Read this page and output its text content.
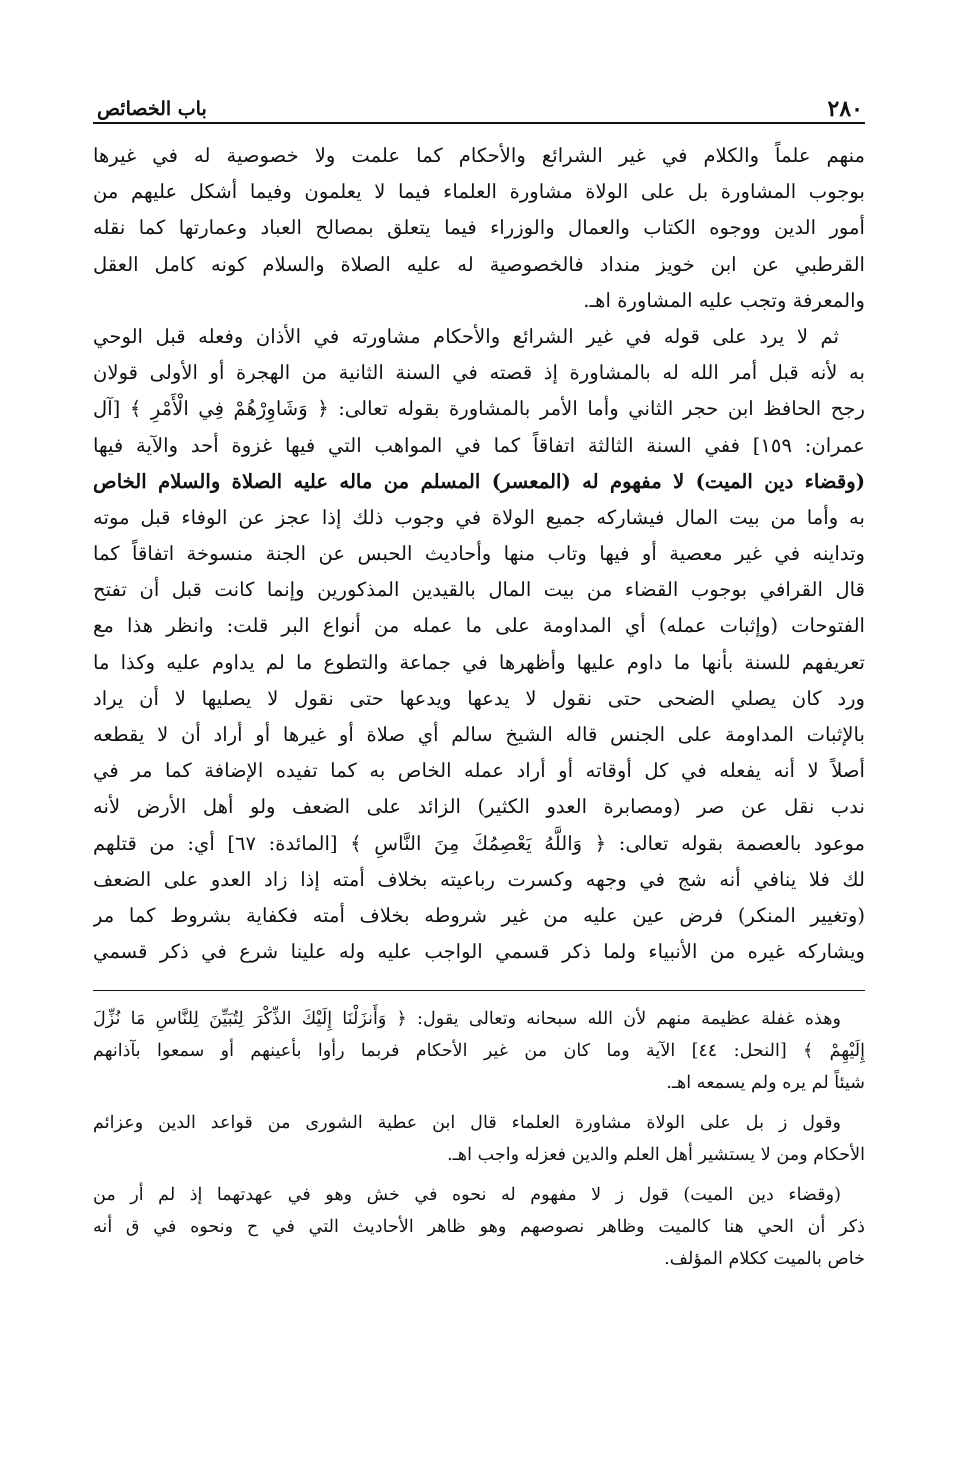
٢٨٠
باب الخصائص
منهم علماً والكلام في غير الشرائع والأحكام كما علمت ولا خصوصية له في غيرها
بوجوب المشاورة بل على الولاة مشاورة العلماء فيما لا يعلمون وفيما أشكل عليهم من
أمور الدين ووجوه الكتاب والعمال والوزراء فيما يتعلق بمصالح العباد وعمارتها كما نقله
القرطبي عن ابن خويز منداد فالخصوصية له عليه الصلاة والسلام كونه كامل العقل
والمعرفة وتجب عليه المشاورة اهـ.
ثم لا يرد على قوله في غير الشرائع والأحكام مشاورته في الأذان وفعله قبل الوحي
به لأنه قبل أمر الله له بالمشاورة إذ قصته في السنة الثانية من الهجرة أو الأولى قولان
رجح الحافظ ابن حجر الثاني وأما الأمر بالمشاورة بقوله تعالى: ﴿ وَشَاوِرْهُمْ فِي الْأَمْرِ ﴾ [آل
عمران: ١٥٩] ففي السنة الثالثة اتفاقاً كما في المواهب التي فيها غزوة أحد والآية فيها
(وقضاء دين الميت) لا مفهوم له (المعسر) المسلم من ماله عليه الصلاة والسلام الخاص
به وأما من بيت المال فيشاركه جميع الولاة في وجوب ذلك إذا عجز عن الوفاء قبل موته
وتداينه في غير معصية أو فيها وتاب منها وأحاديث الحبس عن الجنة منسوخة اتفاقاً كما
قال القرافي بوجوب القضاء من بيت المال بالقيدين المذكورين وإنما كانت قبل أن تفتح
الفتوحات (وإثبات عمله) أي المداومة على ما عمله من أنواع البر قلت: وانظر هذا مع
تعريفهم للسنة بأنها ما داوم عليها وأظهرها في جماعة والتطوع ما لم يداوم عليه وكذا ما
ورد كان يصلي الضحى حتى نقول لا يدعها ويدعها حتى نقول لا يصليها لا أن يراد
بالإثبات المداومة على الجنس قاله الشيخ سالم أي صلاة أو غيرها أو أراد أن لا يقطعه
أصلاً لا أنه يفعله في كل أوقاته أو أراد عمله الخاص به كما تفيده الإضافة كما مر في
ندب نقل عن صر (ومصابرة العدو الكثير) الزائد على الضعف ولو أهل الأرض لأنه
موعود بالعصمة بقوله تعالى: ﴿ وَاللَّهُ يَعْصِمُكَ مِنَ النَّاسِ ﴾ [المائدة: ٦٧] أي: من قتلهم
لك فلا ينافي أنه شج في وجهه وكسرت رباعيته بخلاف أمته إذا زاد العدو على الضعف
(وتغيير المنكر) فرض عين عليه من غير شروطه بخلاف أمته فكفاية بشروط كما مر
ويشاركه غيره من الأنبياء ولما ذكر قسمي الواجب عليه وله علينا شرع في ذكر قسمي
وهذه غفلة عظيمة منهم لأن الله سبحانه وتعالى يقول: ﴿ وَأَنزَلْنَا إِلَيْكَ الذِّكْرَ لِتُبَيِّنَ لِلنَّاسِ مَا نُزِّلَ
إِلَيْهِمْ ﴾ [النحل: ٤٤] الآية وما كان من غير الأحكام فربما رأوا بأعينهم أو سمعوا بآذانهم
شيئاً لم يره ولم يسمعه اهـ.
وقول ز بل على الولاة مشاورة العلماء قال ابن عطية الشورى من قواعد الدين وعزائم
الأحكام ومن لا يستشير أهل العلم والدين فعزله واجب اهـ.
(وقضاء دين الميت) قول ز لا مفهوم له نحوه في خش وهو في عهدتهما إذ لم أر من
ذكر أن الحي هنا كالميت وظاهر نصوصهم وهو ظاهر الأحاديث التي في ح ونحوه في ق أنه
خاص بالميت ككلام المؤلف.
